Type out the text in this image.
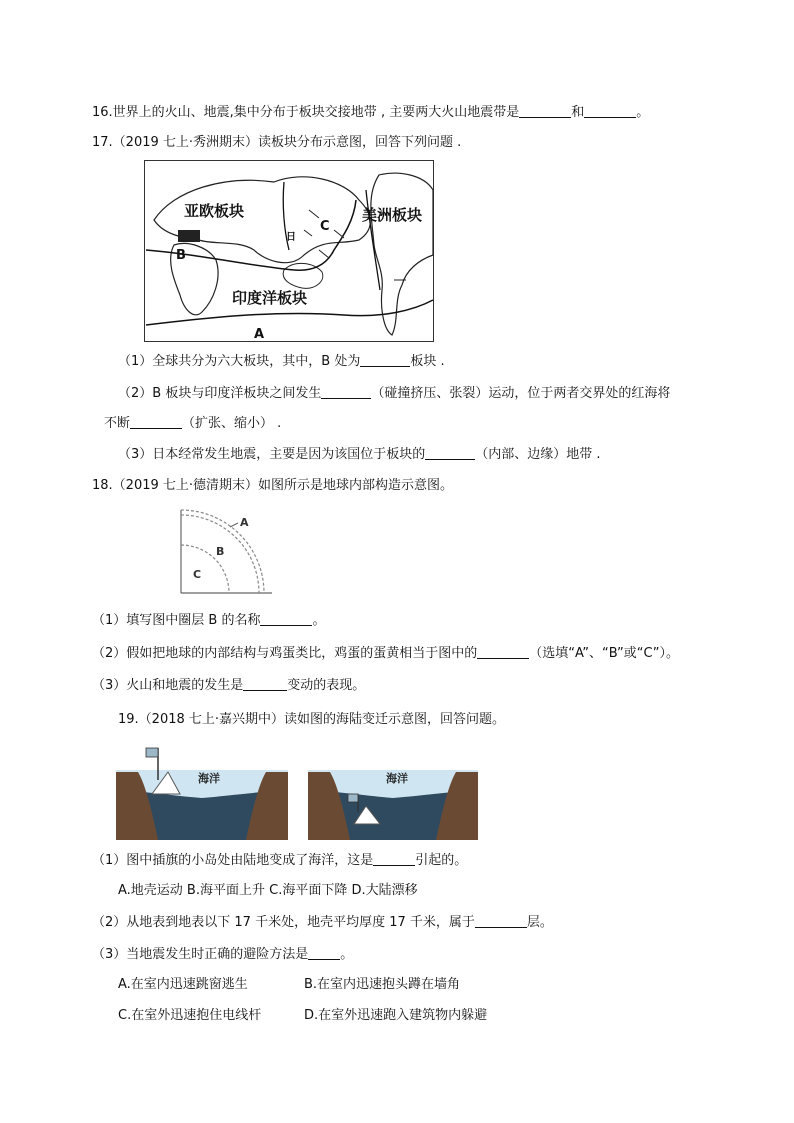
16.世界上的火山、地震,集中分布于板块交接地带 , 主要两大火山地震带是	和	。
17.（2019 七上·秀洲期末）读板块分布示意图，回答下列问题 .
亚欧板块	美洲板块
印度洋板块
B
C
A
日
（1）全球共分为六大板块，其中，B 处为	板块 .
（2）B 板块与印度洋板块之间发生	（碰撞挤压、张裂）运动，位于两者交界处的红海将
不断	（扩张、缩小） .
（3）日本经常发生地震，主要是因为该国位于板块的	（内部、边缘）地带 .
18.（2019 七上·德清期末）如图所示是地球内部构造示意图。
A
B
C
（1）填写图中圈层 B 的名称	。
（2）假如把地球的内部结构与鸡蛋类比，鸡蛋的蛋黄相当于图中的	（选填“A”、“B”或“C”）。
（3）火山和地震的发生是	变动的表现。
19.（2018 七上·嘉兴期中）读如图的海陆变迁示意图，回答问题。
海洋	海洋
（1）图中插旗的小岛处由陆地变成了海洋，这是	引起的。
A.地壳运动 B.海平面上升 C.海平面下降 D.大陆漂移
（2）从地表到地表以下 17 千米处，地壳平均厚度 17 千米，属于	层。
（3）当地震发生时正确的避险方法是 。
A.在室内迅速跳窗逃生	B.在室内迅速抱头蹲在墙角
C.在室外迅速抱住电线杆	D.在室外迅速跑入建筑物内躲避
